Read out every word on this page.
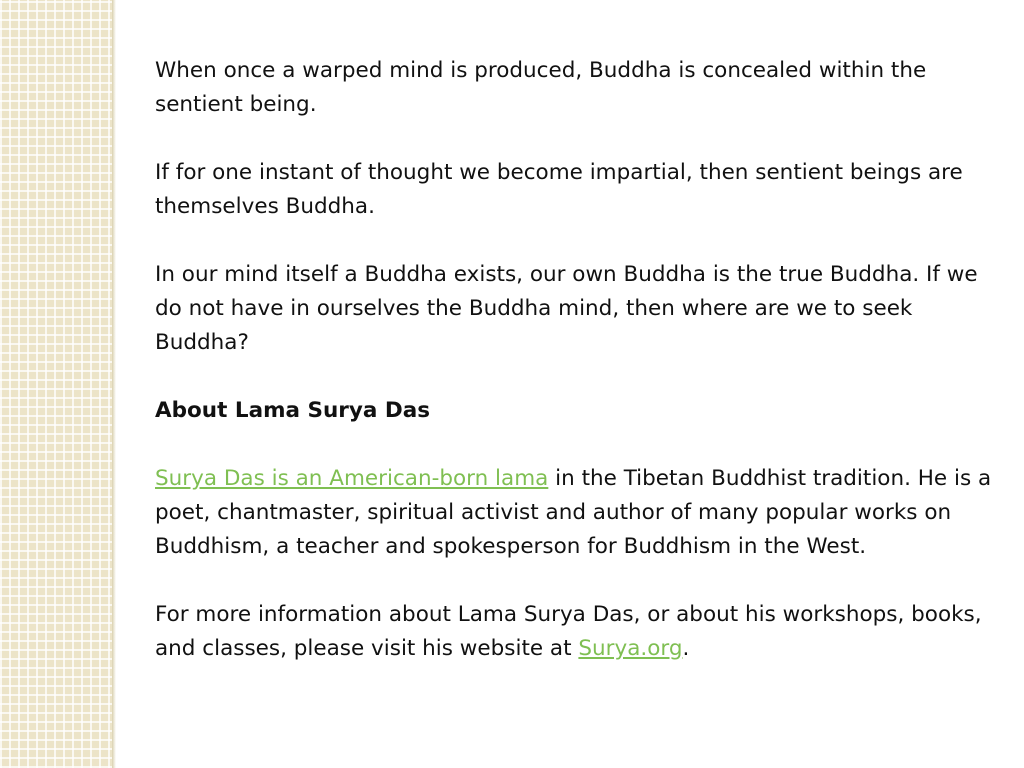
When once a warped mind is produced, Buddha is concealed within the sentient being.

If for one instant of thought we become impartial, then sentient beings are themselves Buddha.

In our mind itself a Buddha exists, our own Buddha is the true Buddha. If we do not have in ourselves the Buddha mind, then where are we to seek Buddha?

About Lama Surya Das

Surya Das is an American-born lama in the Tibetan Buddhist tradition. He is a poet, chantmaster, spiritual activist and author of many popular works on Buddhism, a teacher and spokesperson for Buddhism in the West.

For more information about Lama Surya Das, or about his workshops, books, and classes, please visit his website at Surya.org.
